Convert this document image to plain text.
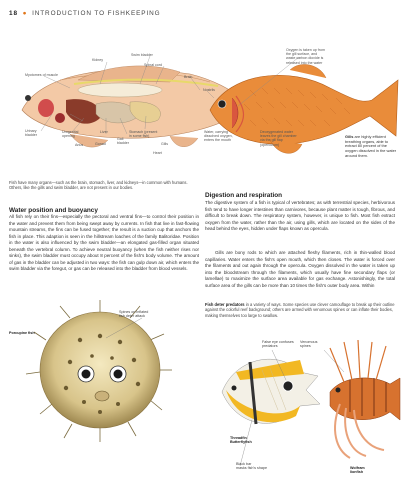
18 ● INTRODUCTION TO FISHKEEPING
Swim bladder
Kidney
Spinal cord
Myotomes of muscle	Brain
Nostrils
Urinary
bladder
Gills
Heart
Urogenital
opening
Liver	Stomach (present
in some fish)
Gall
bladder
Gonad
Anus
Water, carrying
dissolved oxygen,
enters the mouth
Deoxygenated water
leaves the gill chamber
via the gill flap
(operculum)
Oxygen is taken up from
the gill surface, and
waste carbon dioxide is
released into the water
Gills are highly efficient breathing organs, able to extract 80 percent of the oxygen dissolved in the water around them.
Fish have many organs—such as the brain, stomach, liver, and kidneys—in common with humans. Others, like the gills and swim bladder, are not present in our bodies.
Water position and buoyancy
All fish rely on their fins—especially the pectoral and ventral fins—to control their position in the water and prevent them from being swept away by currents. In fish that live in fast-flowing mountain streams, the fins can be fused together; the result is a suction cup that anchors the fish in place. This adaption is seen in the hillstream loaches of the family Balitoridae. Position in the water is also influenced by the swim bladder—an elongated gas-filled organ situated beneath the vertebral column. To achieve neutral buoyancy (when the fish neither rises nor sinks), the swim bladder must occupy about 8 percent of the fish's body volume. The amount of gas in the bladder can be adjusted in two ways: the fish can gulp down air, which enters the swim bladder via the foregut, or gas can be released into the bladder from blood vessels.
Digestion and respiration
The digestive system of a fish is typical of vertebrates; as with terrestrial species, herbivorous fish tend to have longer intestines than carnivores, because plant matter is tough, fibrous, and difficult to break down. The respiratory system, however, is unique to fish. Most fish extract oxygen from the water, rather than the air, using gills, which are located on the sides of the head behind the eyes, hidden under flaps known as opercula.
Gills are bony rods to which are attached fleshy filaments, rich in thin-walled blood capillaries. Water enters the fish's open mouth, which then closes. The water is forced over the filaments and out again through the opercula. Oxygen dissolved in the water is taken up into the bloodstream through the filaments, which usually have fine secondary flaps (or lamellae) to maximize the surface area available for gas exchange. Astonishingly, the total surface area of the gills can be more than 10 times the fish's outer body area. Within
Fish deter predators in a variety of ways. Some species use clever camouflage to break up their outline against the colorful reef background; others are armed with venomous spines or can inflate their bodies, making themselves too large to swallow.
Porcupine fish
Spines on inflated
fish deter attack
False eye confuses
predators
Venomous
spines
Threadfin
Butterflyfish
Black bar
masks fish's shape	Wolfram
lionfish
